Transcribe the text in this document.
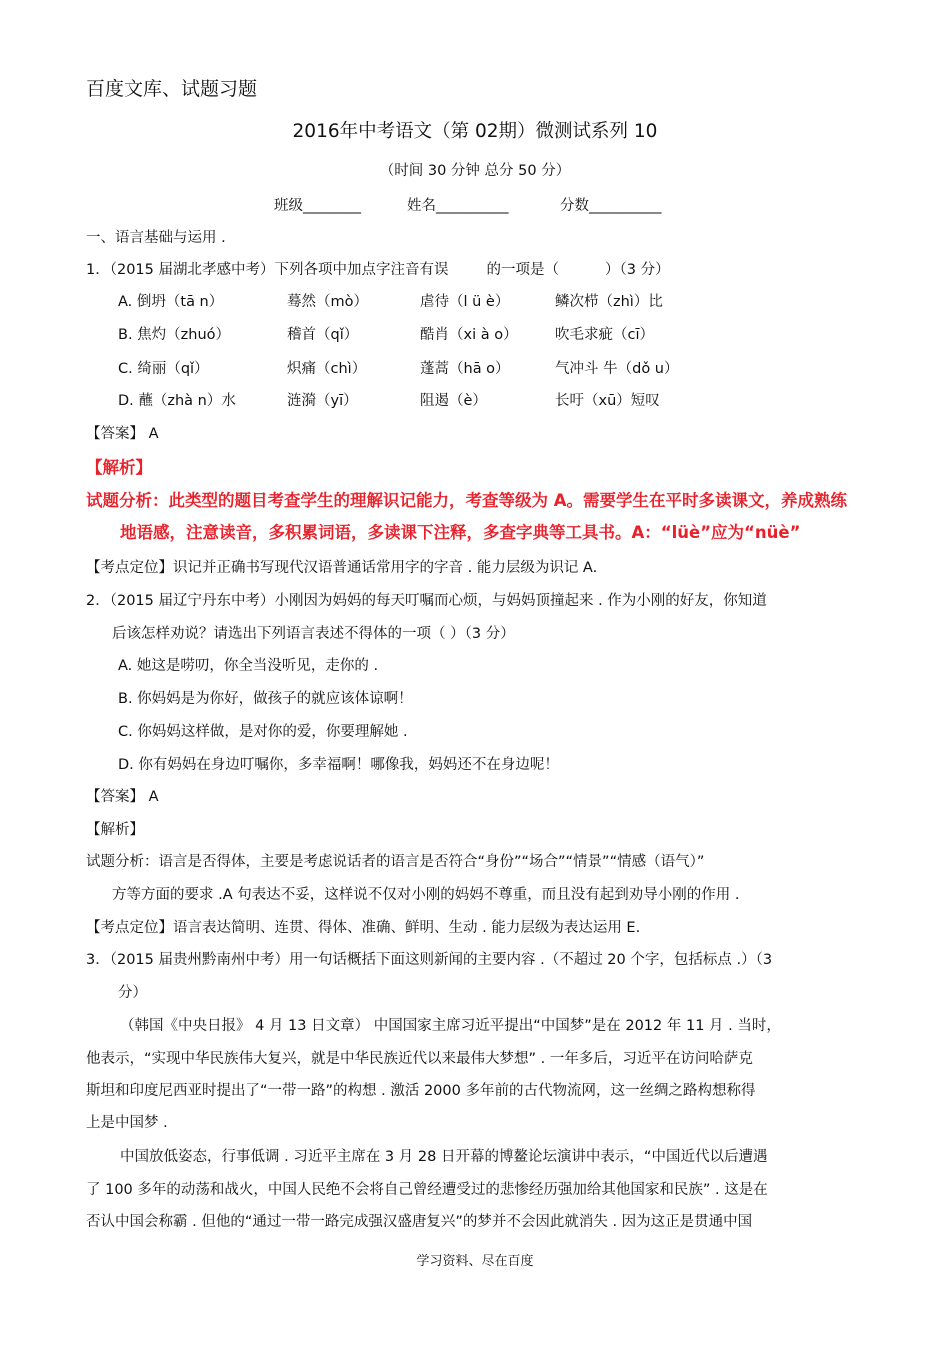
百度文库、试题习题
2016年中考语文（第 02期）微测试系列 10
（时间 30 分钟 总分 50 分）
班级________	姓名__________	分数__________
一、语言基础与运用 .
1．（2015 届湖北孝感中考）下列各项中加点字注音有误	的一项是（	）（3 分）
A. 倒坍（tā n）	蓦然（mò）	虐待（l ü è）	鳞次栉（zhì）比
B. 焦灼（zhuó）	稽首（qǐ）	酷肖（xi à o）	吹毛求疵（cī）
C. 绮丽（qǐ）	炽痛（chì）	蓬蒿（hā o）	气冲斗 牛（dǒ u）
D. 蘸（zhà n）水	涟漪（yī）	阻遏（è）	长吁（xū）短叹
【答案】 A
【解析】
试题分析：此类型的题目考查学生的理解识记能力，考查等级为 A。需要学生在平时多读课文，养成熟练
地语感，注意读音，多积累词语，多读课下注释，多查字典等工具书。A：“lüè”应为“nüè”
【考点定位】识记并正确书写现代汉语普通话常用字的字音 . 能力层级为识记 A.
2．（2015 届辽宁丹东中考）小刚因为妈妈的每天叮嘱而心烦，与妈妈顶撞起来 . 作为小刚的好友，你知道
后该怎样劝说？请选出下列语言表述不得体的一项（ ）（3 分）
A. 她这是唠叨，你全当没听见，走你的 .
B. 你妈妈是为你好，做孩子的就应该体谅啊！
C. 你妈妈这样做，是对你的爱，你要理解她 .
D. 你有妈妈在身边叮嘱你，多幸福啊！哪像我，妈妈还不在身边呢！
【答案】 A
【解析】
试题分析：语言是否得体，主要是考虑说话者的语言是否符合“身份”“场合”“情景”“情感（语气）”
方等方面的要求 .A 句表达不妥，这样说不仅对小刚的妈妈不尊重，而且没有起到劝导小刚的作用 .
【考点定位】语言表达简明、连贯、得体、准确、鲜明、生动 . 能力层级为表达运用 E.
3．（2015 届贵州黔南州中考）用一句话概括下面这则新闻的主要内容 .（不超过 20 个字，包括标点 .）（3
分）
（韩国《中央日报》 4 月 13 日文章） 中国国家主席习近平提出“中国梦”是在 2012 年 11 月 . 当时，
他表示，“实现中华民族伟大复兴，就是中华民族近代以来最伟大梦想” . 一年多后，习近平在访问哈萨克
斯坦和印度尼西亚时提出了“一带一路”的构想 . 激活 2000 多年前的古代物流网，这一丝绸之路构想称得
上是中国梦 .
中国放低姿态，行事低调 . 习近平主席在 3 月 28 日开幕的博鳌论坛演讲中表示，“中国近代以后遭遇
了 100 多年的动荡和战火，中国人民绝不会将自己曾经遭受过的悲惨经历强加给其他国家和民族” . 这是在
否认中国会称霸 . 但他的“通过一带一路完成强汉盛唐复兴”的梦并不会因此就消失 . 因为这正是贯通中国
学习资料、尽在百度
